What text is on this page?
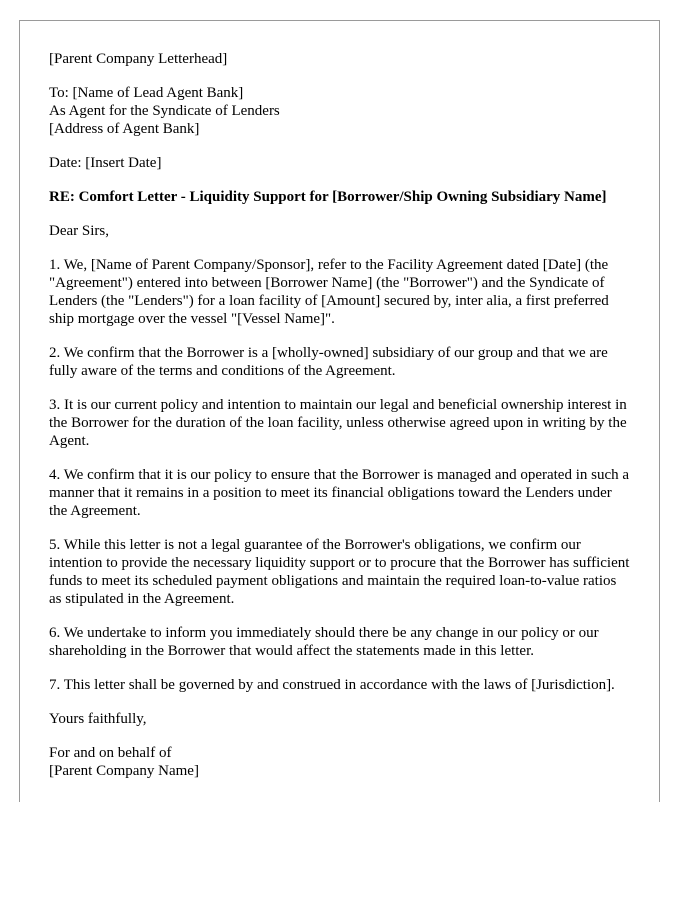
[Parent Company Letterhead]

To: [Name of Lead Agent Bank]
As Agent for the Syndicate of Lenders
[Address of Agent Bank]

Date: [Insert Date]

RE: Comfort Letter - Liquidity Support for [Borrower/Ship Owning Subsidiary Name]

Dear Sirs,

1. We, [Name of Parent Company/Sponsor], refer to the Facility Agreement dated [Date] (the "Agreement") entered into between [Borrower Name] (the "Borrower") and the Syndicate of Lenders (the "Lenders") for a loan facility of [Amount] secured by, inter alia, a first preferred ship mortgage over the vessel "[Vessel Name]".

2. We confirm that the Borrower is a [wholly-owned] subsidiary of our group and that we are fully aware of the terms and conditions of the Agreement.

3. It is our current policy and intention to maintain our legal and beneficial ownership interest in the Borrower for the duration of the loan facility, unless otherwise agreed upon in writing by the Agent.

4. We confirm that it is our policy to ensure that the Borrower is managed and operated in such a manner that it remains in a position to meet its financial obligations toward the Lenders under the Agreement.

5. While this letter is not a legal guarantee of the Borrower's obligations, we confirm our intention to provide the necessary liquidity support or to procure that the Borrower has sufficient funds to meet its scheduled payment obligations and maintain the required loan-to-value ratios as stipulated in the Agreement.

6. We undertake to inform you immediately should there be any change in our policy or our shareholding in the Borrower that would affect the statements made in this letter.

7. This letter shall be governed by and construed in accordance with the laws of [Jurisdiction].

Yours faithfully,

For and on behalf of
[Parent Company Name]
